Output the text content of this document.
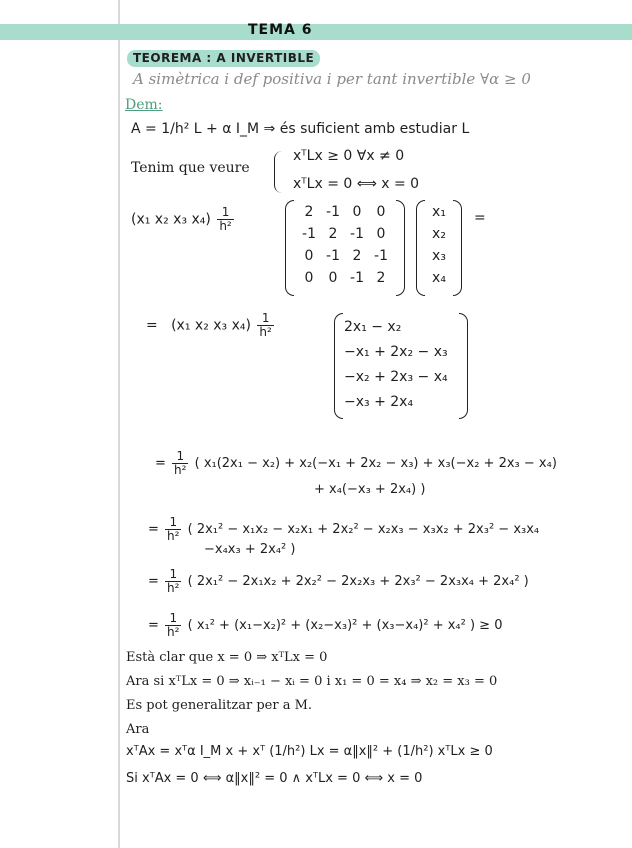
TEMA 6
TEOREMA : A INVERTIBLE
A simètrica i def positiva i per tant invertible ∀α ≥ 0
Dem:
A = 1/h² L + α I_M ⇒ és suficient amb estudiar L
Tenim que veure
xᵀLx ≥ 0 ∀x ≠ 0
xᵀLx = 0 ⟺ x = 0
(x₁ x₂ x₃ $x_4) \frac{1}{\text{h²}}$	2 -1 0 0
-1 2 -1 0
0 -1 2 -1
0 0 -1 2
x₁
x₂
x₃
x₄
=
= (x₁ x₂ x₃ $x_4) \frac{1}{\text{h²}}$	2x₁ − x₂
−x₁ + 2x₂ − x₃
−x₂ + 2x₃ − x₄
−x₃ + 2x₄
= $\frac{1}{\text{h²}}$ ( x₁(2x₁ − x₂) + x₂(−x₁ + 2x₂ − x₃) + x₃(−x₂ + 2x₃ − x₄)
+ x₄(−x₃ + 2x₄) )
= $\frac{1}{\text{h²}}$ ( 2x₁² − x₁x₂ − x₂x₁ + 2x₂² − x₂x₃ − x₃x₂ + 2x₃² − x₃x₄
−x₄x₃ + 2x₄² )
= $\frac{1}{\text{h²}}$ ( 2x₁² − 2x₁x₂ + 2x₂² − 2x₂x₃ + 2x₃² − 2x₃x₄ + 2x₄² )
= $\frac{1}{\text{h²}}$ ( x₁² + (x₁−x₂)² + (x₂−x₃)² + (x₃−x₄)² + x₄² ) ≥ 0
Està clar que x = 0 ⇒ xᵀLx = 0
Ara si xᵀLx = 0 ⇒ xᵢ₋₁ − xᵢ = 0 i x₁ = 0 = x₄ ⇒ x₂ = x₃ = 0
Es pot generalitzar per a M.
Ara
xᵀAx = xᵀα I_M x + xᵀ (1/h²) Lx = α‖x‖² + (1/h²) xᵀLx ≥ 0
Si xᵀAx = 0 ⟺ α‖x‖² = 0 ∧ xᵀLx = 0 ⟺ x = 0
